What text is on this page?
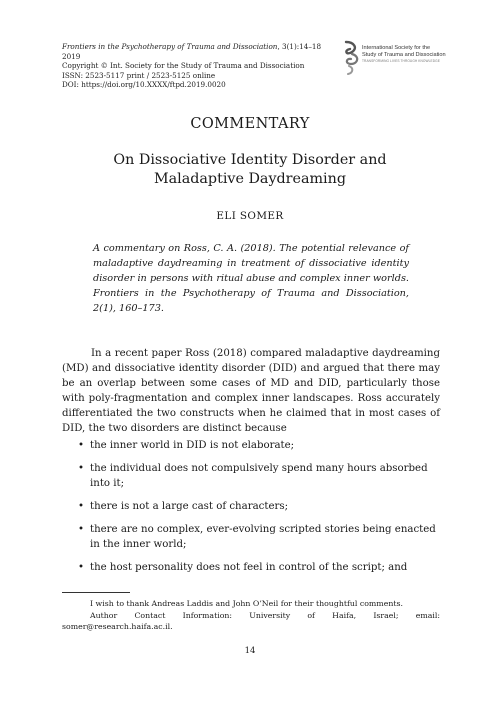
Frontiers in the Psychotherapy of Trauma and Dissociation, 3(1):14–18 2019
Copyright © Int. Society for the Study of Trauma and Dissociation
ISSN: 2523-5117 print / 2523-5125 online
DOI: https://doi.org/10.XXXX/ftpd.2019.0020
International Society for the
Study of Trauma and Dissociation
TRANSFORMING LIVES THROUGH KNOWLEDGE
COMMENTARY
On Dissociative Identity Disorder and
Maladaptive Daydreaming
ELI SOMER
A commentary on Ross, C. A. (2018). The potential relevance of maladaptive daydreaming in treatment of dissociative identity disorder in persons with ritual abuse and complex inner worlds. Frontiers in the Psychotherapy of Trauma and Dissociation, 2(1), 160–173.

In a recent paper Ross (2018) compared maladaptive daydreaming (MD) and dissociative identity disorder (DID) and argued that there may be an overlap between some cases of MD and DID, particularly those with poly-fragmentation and complex inner landscapes. Ross accurately differentiated the two constructs when he claimed that in most cases of DID, the two disorders are distinct because

• the inner world in DID is not elaborate;
• the individual does not compulsively spend many hours absorbed into it;
• there is not a large cast of characters;
• there are no complex, ever-evolving scripted stories being enacted in the inner world;
• the host personality does not feel in control of the script; and

I wish to thank Andreas Laddis and John O’Neil for their thoughtful comments.

Author Contact Information: University of Haifa, Israel; email: somer@research.haifa.ac.il.

14
